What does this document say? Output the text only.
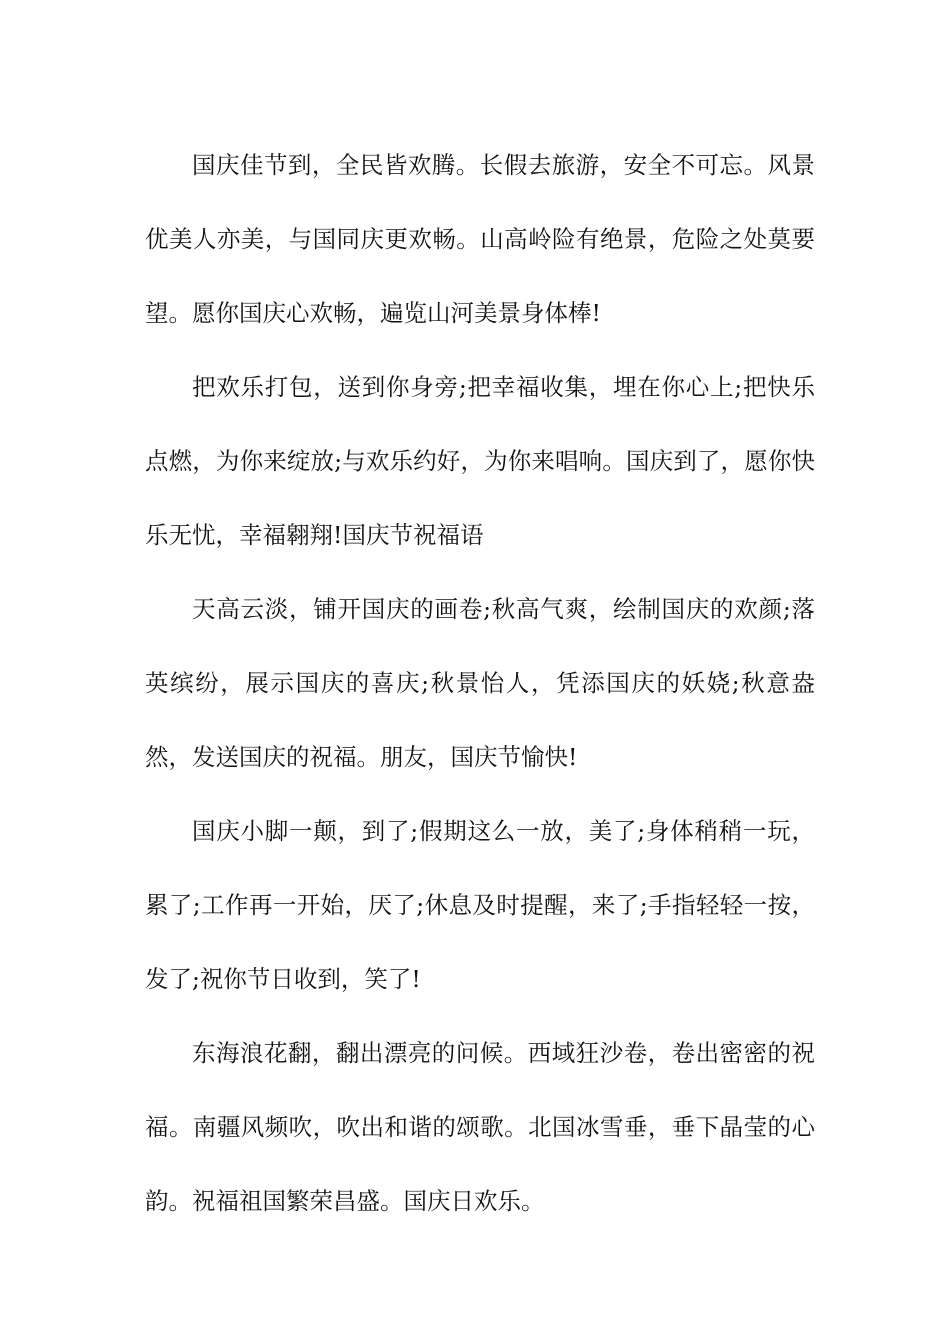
国庆佳节到，全民皆欢腾。长假去旅游，安全不可忘。风景优美人亦美，与国同庆更欢畅。山高岭险有绝景，危险之处莫要望。愿你国庆心欢畅，遍览山河美景身体棒!

把欢乐打包，送到你身旁;把幸福收集，埋在你心上;把快乐点燃，为你来绽放;与欢乐约好，为你来唱响。国庆到了，愿你快乐无忧，幸福翱翔!国庆节祝福语

天高云淡，铺开国庆的画卷;秋高气爽，绘制国庆的欢颜;落英缤纷，展示国庆的喜庆;秋景怡人，凭添国庆的妖娆;秋意盎然，发送国庆的祝福。朋友，国庆节愉快!

国庆小脚一颠，到了;假期这么一放，美了;身体稍稍一玩，累了;工作再一开始，厌了;休息及时提醒，来了;手指轻轻一按，发了;祝你节日收到，笑了!

东海浪花翻，翻出漂亮的问候。西域狂沙卷，卷出密密的祝福。南疆风频吹，吹出和谐的颂歌。北国冰雪垂，垂下晶莹的心韵。祝福祖国繁荣昌盛。国庆日欢乐。
